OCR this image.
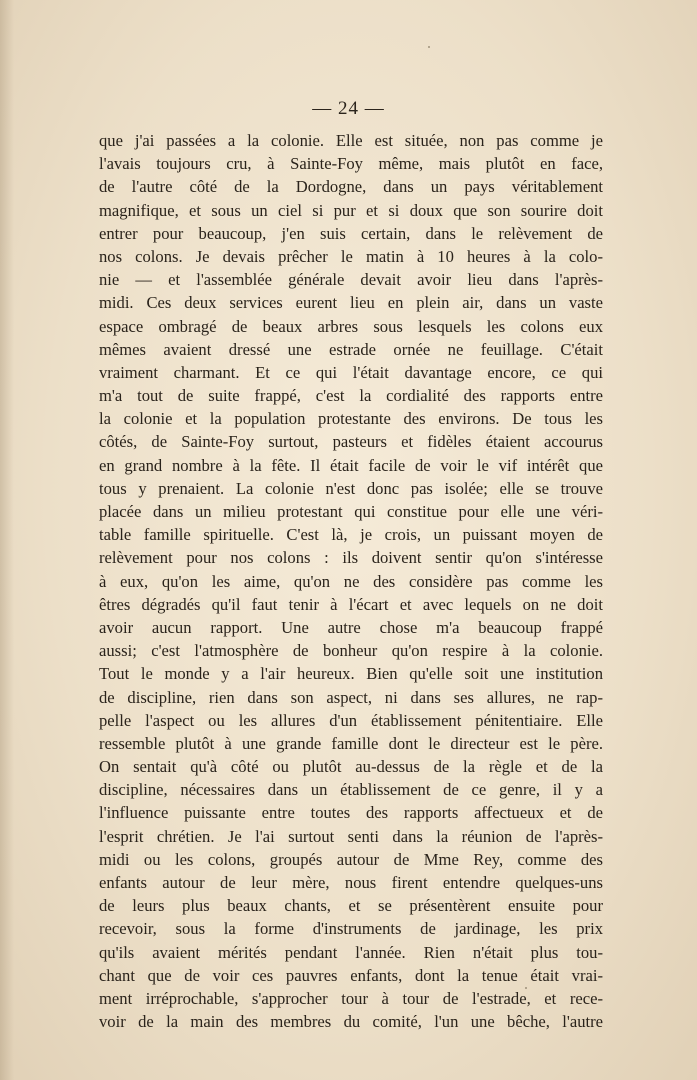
— 24 —
que j'ai passées a la colonie. Elle est située, non pas comme je
l'avais toujours cru, à Sainte-Foy même, mais plutôt en face,
de l'autre côté de la Dordogne, dans un pays véritablement
magnifique, et sous un ciel si pur et si doux que son sourire doit
entrer pour beaucoup, j'en suis certain, dans le relèvement de
nos colons. Je devais prêcher le matin à 10 heures à la colo-
nie — et l'assemblée générale devait avoir lieu dans l'après-
midi. Ces deux services eurent lieu en plein air, dans un vaste
espace ombragé de beaux arbres sous lesquels les colons eux
mêmes avaient dressé une estrade ornée ne feuillage. C'était
vraiment charmant. Et ce qui l'était davantage encore, ce qui
m'a tout de suite frappé, c'est la cordialité des rapports entre
la colonie et la population protestante des environs. De tous les
côtés, de Sainte-Foy surtout, pasteurs et fidèles étaient accourus
en grand nombre à la fête. Il était facile de voir le vif intérêt que
tous y prenaient. La colonie n'est donc pas isolée; elle se trouve
placée dans un milieu protestant qui constitue pour elle une véri-
table famille spirituelle. C'est là, je crois, un puissant moyen de
relèvement pour nos colons : ils doivent sentir qu'on s'intéresse
à eux, qu'on les aime, qu'on ne des considère pas comme les
êtres dégradés qu'il faut tenir à l'écart et avec lequels on ne doit
avoir aucun rapport. Une autre chose m'a beaucoup frappé
aussi; c'est l'atmosphère de bonheur qu'on respire à la colonie.
Tout le monde y a l'air heureux. Bien qu'elle soit une institution
de discipline, rien dans son aspect, ni dans ses allures, ne rap-
pelle l'aspect ou les allures d'un établissement pénitentiaire. Elle
ressemble plutôt à une grande famille dont le directeur est le père.
On sentait qu'à côté ou plutôt au-dessus de la règle et de la
discipline, nécessaires dans un établissement de ce genre, il y a
l'influence puissante entre toutes des rapports affectueux et de
l'esprit chrétien. Je l'ai surtout senti dans la réunion de l'après-
midi ou les colons, groupés autour de Mme Rey, comme des
enfants autour de leur mère, nous firent entendre quelques-uns
de leurs plus beaux chants, et se présentèrent ensuite pour
recevoir, sous la forme d'instruments de jardinage, les prix
qu'ils avaient mérités pendant l'année. Rien n'était plus tou-
chant que de voir ces pauvres enfants, dont la tenue était vrai-
ment irréprochable, s'approcher tour à tour de l'estrade, et rece-
voir de la main des membres du comité, l'un une bêche, l'autre
